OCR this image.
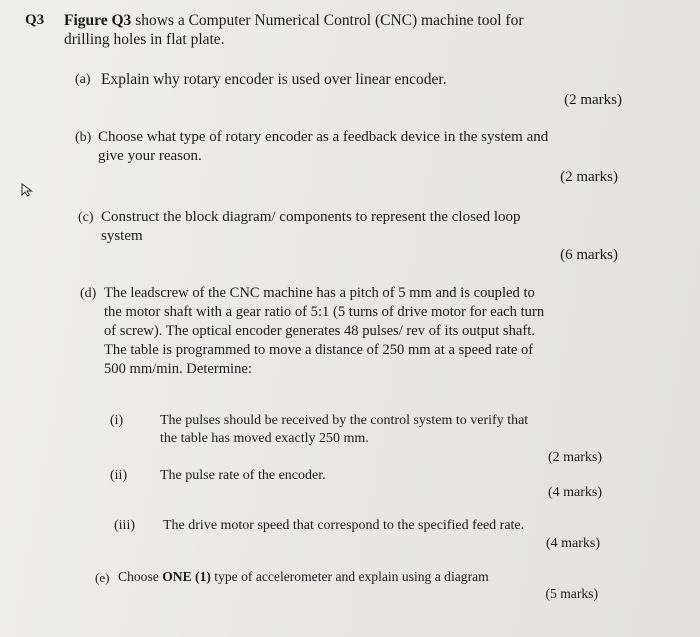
Q3 Figure Q3 shows a Computer Numerical Control (CNC) machine tool for
drilling holes in flat plate.
(a) Explain why rotary encoder is used over linear encoder.
(2 marks)
(b) Choose what type of rotary encoder as a feedback device in the system and
give your reason.
(2 marks)
(c) Construct the block diagram/ components to represent the closed loop
system
(6 marks)
(d) The leadscrew of the CNC machine has a pitch of 5 mm and is coupled to
the motor shaft with a gear ratio of 5:1 (5 turns of drive motor for each turn
of screw). The optical encoder generates 48 pulses/ rev of its output shaft.
The table is programmed to move a distance of 250 mm at a speed rate of
500 mm/min. Determine:
(i)	The pulses should be received by the control system to verify that
the table has moved exactly 250 mm.
(2 marks)
(ii) The pulse rate of the encoder.
(4 marks)
(iii) The drive motor speed that correspond to the specified feed rate.
(4 marks)
(e) Choose ONE (1) type of accelerometer and explain using a diagram
(5 marks)
